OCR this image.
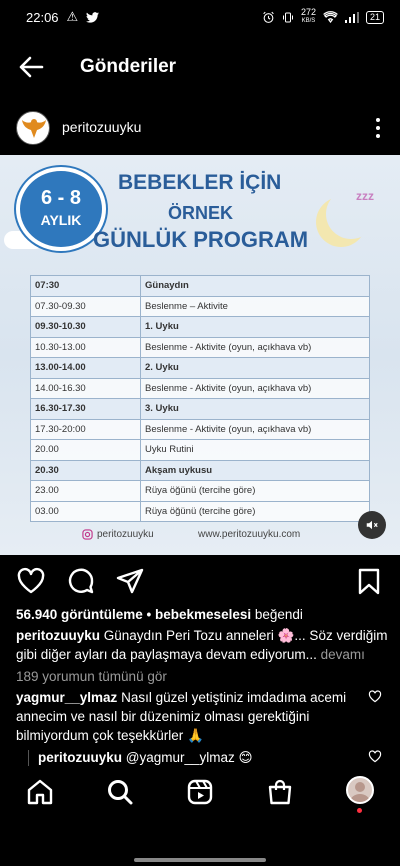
22:06 ⚠	272
KB/S	21
Gönderiler
peritozuuyku
6 - 8
AYLIK
BEBEKLER İÇİN
ÖRNEK
GÜNLÜK PROGRAM
zzz
07:30	Günaydın
07.30-09.30	Beslenme – Aktivite
09.30-10.30	1. Uyku
10.30-13.00	Beslenme - Aktivite (oyun, açıkhava vb)
13.00-14.00	2. Uyku
14.00-16.30	Beslenme - Aktivite (oyun, açıkhava vb)
16.30-17.30	3. Uyku
17.30-20:00	Beslenme - Aktivite (oyun, açıkhava vb)
20.00	Uyku Rutini
20.30	Akşam uykusu
23.00	Rüya öğünü (tercihe göre)
03.00	Rüya öğünü (tercihe göre)
peritozuuyku	www.peritozuuyku.com
56.940 görüntüleme • bebekmeselesi beğendi
peritozuuyku Günaydın Peri Tozu anneleri 🌸... Söz verdiğim gibi diğer ayları da paylaşmaya devam ediyorum... devamı
189 yorumun tümünü gör
yagmur__ylmaz Nasıl güzel yetiştiniz imdadıma acemi annecim ve nasıl bir düzenimiz olması gerektiğini bilmiyordum çok teşekkürler 🙏
peritozuuyku @yagmur__ylmaz 😊
